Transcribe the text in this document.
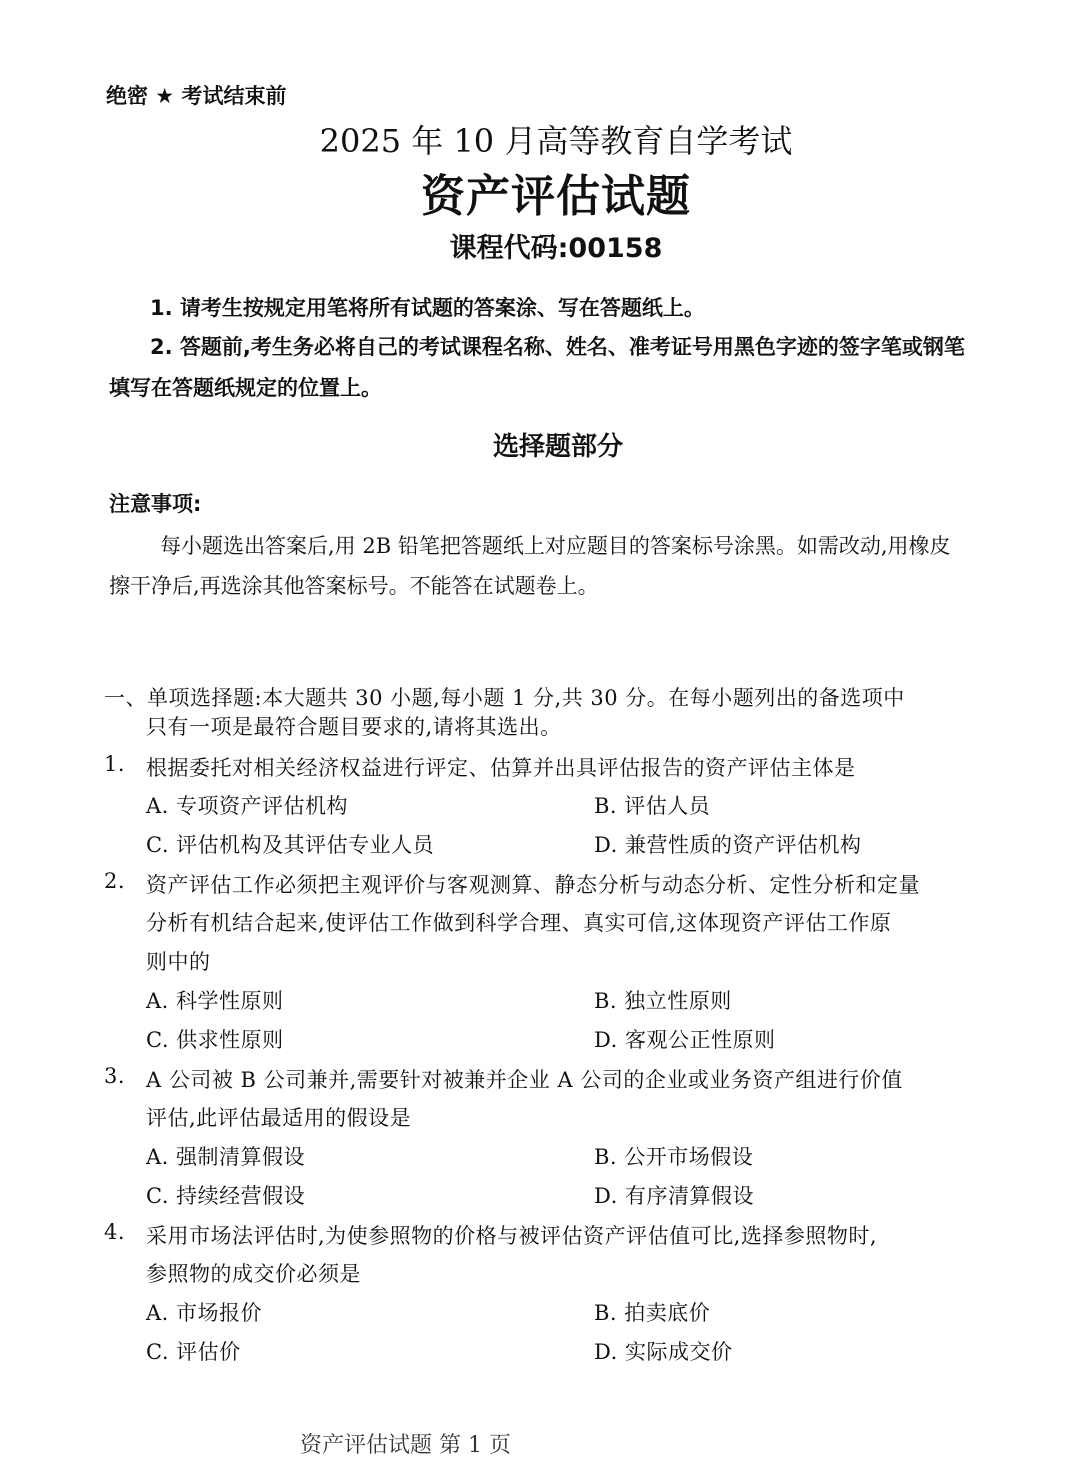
绝密 ★ 考试结束前
2025 年 10 月高等教育自学考试
资产评估试题
课程代码:00158
1. 请考生按规定用笔将所有试题的答案涂、写在答题纸上。
2. 答题前,考生务必将自己的考试课程名称、姓名、准考证号用黑色字迹的签字笔或钢笔
填写在答题纸规定的位置上。
选择题部分
注意事项:
每小题选出答案后,用 2B 铅笔把答题纸上对应题目的答案标号涂黑。如需改动,用橡皮
擦干净后,再选涂其他答案标号。不能答在试题卷上。
一、单项选择题:本大题共 30 小题,每小题 1 分,共 30 分。在每小题列出的备选项中
只有一项是最符合题目要求的,请将其选出。
1. 根据委托对相关经济权益进行评定、估算并出具评估报告的资产评估主体是
A. 专项资产评估机构	B. 评估人员
C. 评估机构及其评估专业人员	D. 兼营性质的资产评估机构
2. 资产评估工作必须把主观评价与客观测算、静态分析与动态分析、定性分析和定量
分析有机结合起来,使评估工作做到科学合理、真实可信,这体现资产评估工作原
则中的
A. 科学性原则	B. 独立性原则
C. 供求性原则	D. 客观公正性原则
3. A 公司被 B 公司兼并,需要针对被兼并企业 A 公司的企业或业务资产组进行价值
评估,此评估最适用的假设是
A. 强制清算假设	B. 公开市场假设
C. 持续经营假设	D. 有序清算假设
4. 采用市场法评估时,为使参照物的价格与被评估资产评估值可比,选择参照物时,
参照物的成交价必须是
A. 市场报价	B. 拍卖底价
C. 评估价	D. 实际成交价
资产评估试题 第 1 页
